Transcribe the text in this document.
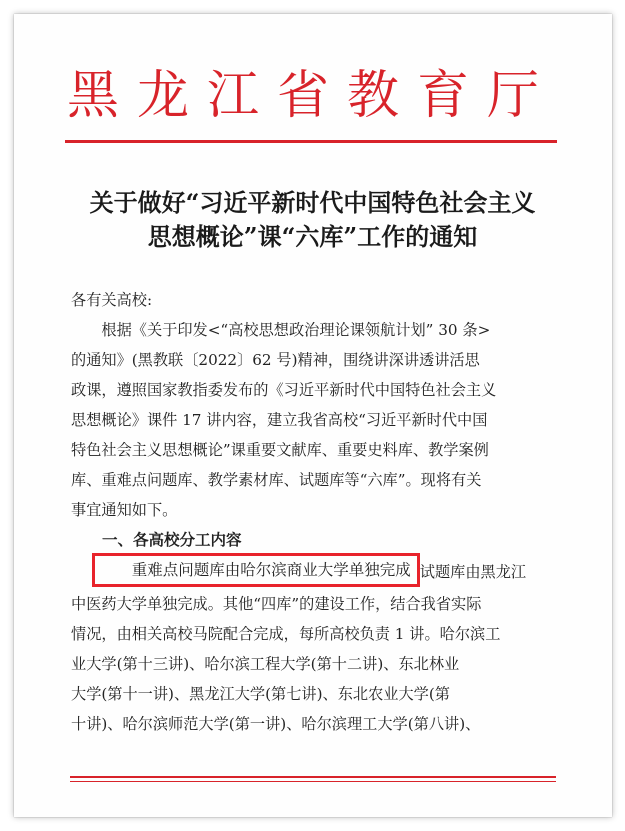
黑龙江省教育厅
关于做好“习近平新时代中国特色社会主义
思想概论”课“六库”工作的通知

各有关高校:

根据《关于印发<“高校思想政治理论课领航计划” 30 条>

的通知》(黑教联〔2022〕62 号)精神，围绕讲深讲透讲活思
政课，遵照国家教指委发布的《习近平新时代中国特色社会主义
思想概论》课件 17 讲内容，建立我省高校“习近平新时代中国
特色社会主义思想概论”课重要文献库、重要史料库、教学案例
库、重难点问题库、教学素材库、试题库等“六库”。现将有关
事宜通知如下。

一、各高校分工内容

重难点问题库由哈尔滨商业大学单独完成 试题库由黑龙江
中医药大学单独完成。其他“四库”的建设工作，结合我省实际
情况，由相关高校马院配合完成，每所高校负责 1 讲。哈尔滨工
业大学(第十三讲)、哈尔滨工程大学(第十二讲)、东北林业
大学(第十一讲)、黑龙江大学(第七讲)、东北农业大学(第
十讲)、哈尔滨师范大学(第一讲)、哈尔滨理工大学(第八讲)、
